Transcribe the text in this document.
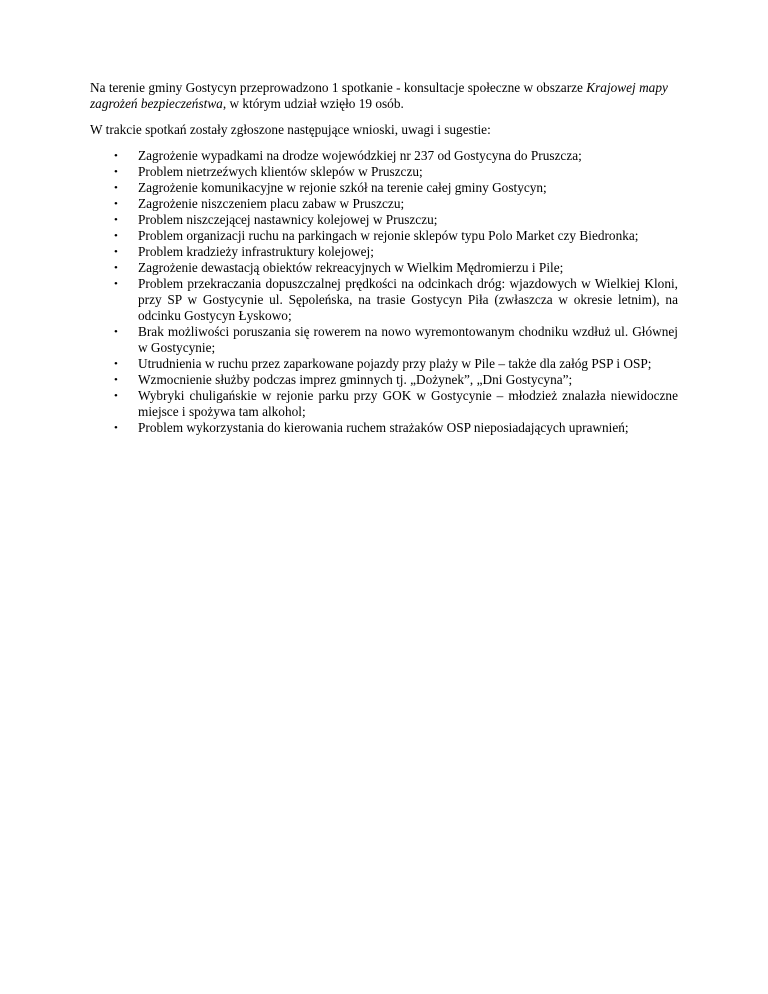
Na terenie gminy Gostycyn przeprowadzono 1 spotkanie - konsultacje społeczne w obszarze Krajowej mapy zagrożeń bezpieczeństwa, w którym udział wzięło 19 osób.

W trakcie spotkań zostały zgłoszone następujące wnioski, uwagi i sugestie:

• Zagrożenie wypadkami na drodze wojewódzkiej nr 237 od Gostycyna do Pruszcza;
• Problem nietrzeźwych klientów sklepów w Pruszczu;
• Zagrożenie komunikacyjne w rejonie szkół na terenie całej gminy Gostycyn;
• Zagrożenie niszczeniem placu zabaw w Pruszczu;
• Problem niszczejącej nastawnicy kolejowej w Pruszczu;
• Problem organizacji ruchu na parkingach w rejonie sklepów typu Polo Market czy Biedronka;
• Problem kradzieży infrastruktury kolejowej;
• Zagrożenie dewastacją obiektów rekreacyjnych w Wielkim Mędromierzu i Pile;
• Problem przekraczania dopuszczalnej prędkości na odcinkach dróg: wjazdowych w Wielkiej Kloni, przy SP w Gostycynie ul. Sępoleńska, na trasie Gostycyn Piła (zwłaszcza w okresie letnim), na odcinku Gostycyn Łyskowo;
• Brak możliwości poruszania się rowerem na nowo wyremontowanym chodniku wzdłuż ul. Głównej w Gostycynie;
• Utrudnienia w ruchu przez zaparkowane pojazdy przy plaży w Pile – także dla załóg PSP i OSP;
• Wzmocnienie służby podczas imprez gminnych tj. „Dożynek”, „Dni Gostycyna”;
• Wybryki chuligańskie w rejonie parku przy GOK w Gostycynie – młodzież znalazła niewidoczne miejsce i spożywa tam alkohol;
• Problem wykorzystania do kierowania ruchem strażaków OSP nieposiadających uprawnień;
